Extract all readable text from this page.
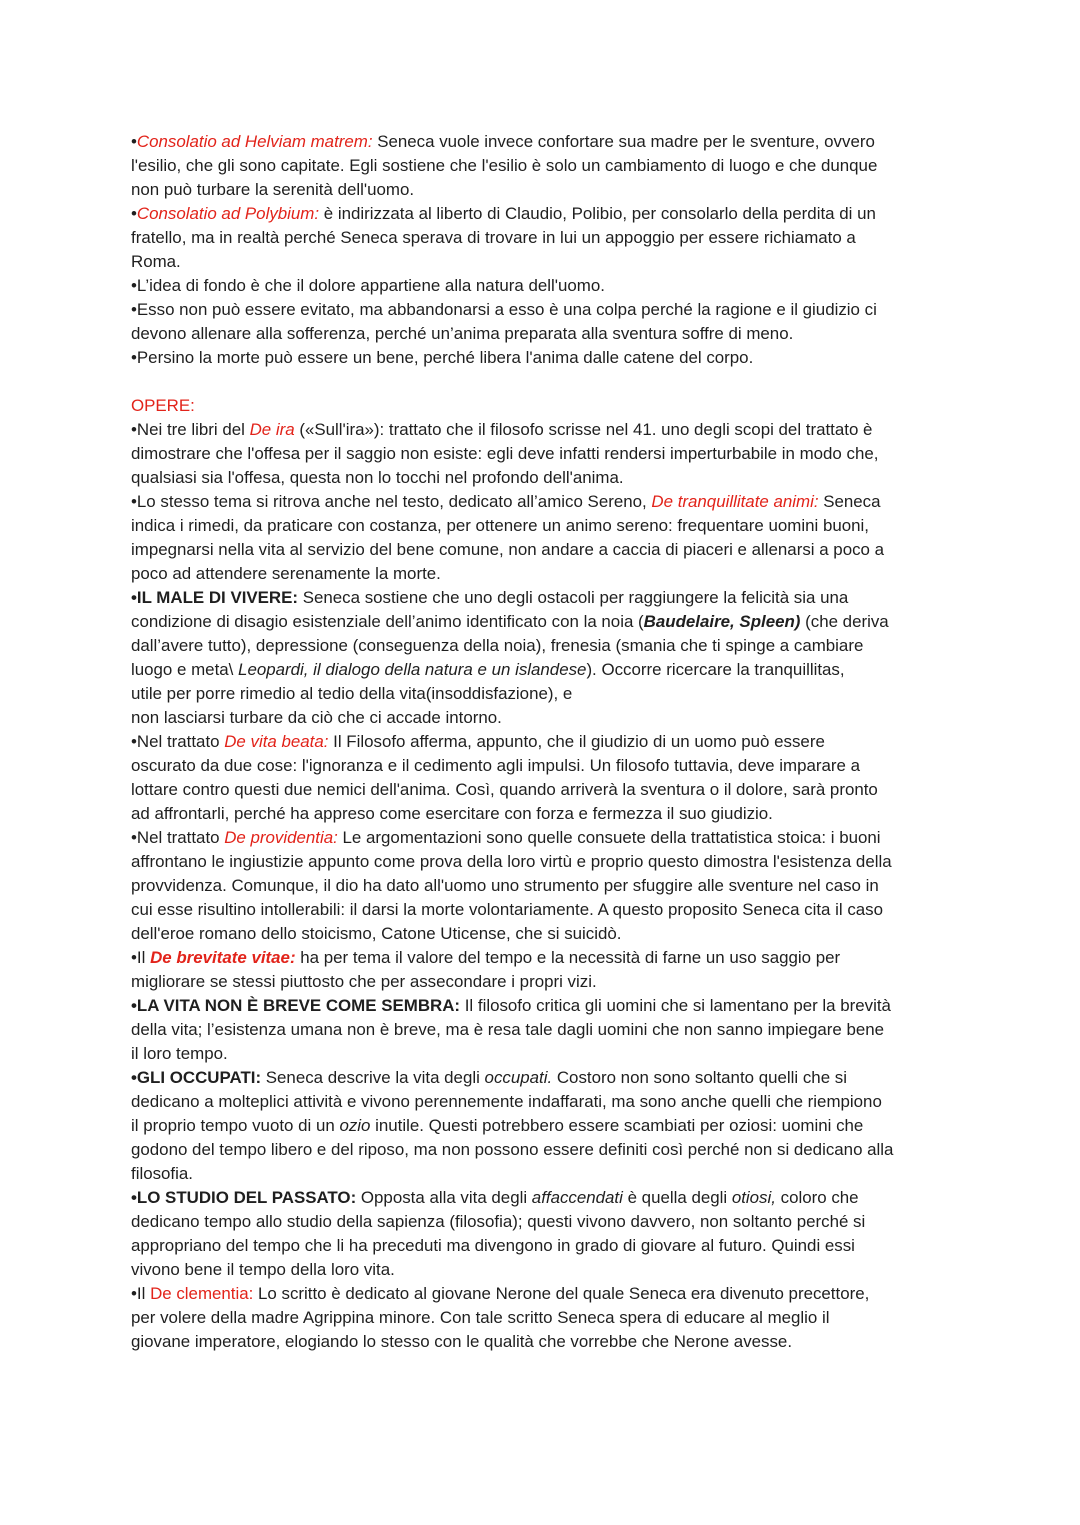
•Consolatio ad Helviam matrem: Seneca vuole invece confortare sua madre per le sventure, ovvero
l'esilio, che gli sono capitate. Egli sostiene che l'esilio è solo un cambiamento di luogo e che dunque
non può turbare la serenità dell'uomo.
•Consolatio ad Polybium: è indirizzata al liberto di Claudio, Polibio, per consolarlo della perdita di un
fratello, ma in realtà perché Seneca sperava di trovare in lui un appoggio per essere richiamato a
Roma.
•L’idea di fondo è che il dolore appartiene alla natura dell'uomo.
•Esso non può essere evitato, ma abbandonarsi a esso è una colpa perché la ragione e il giudizio ci
devono allenare alla sofferenza, perché un’anima preparata alla sventura soffre di meno.
•Persino la morte può essere un bene, perché libera l'anima dalle catene del corpo.
OPERE:
•Nei tre libri del De ira («Sull'ira»): trattato che il filosofo scrisse nel 41. uno degli scopi del trattato è
dimostrare che l'offesa per il saggio non esiste: egli deve infatti rendersi imperturbabile in modo che,
qualsiasi sia l'offesa, questa non lo tocchi nel profondo dell'anima.
•Lo stesso tema si ritrova anche nel testo, dedicato all’amico Sereno, De tranquillitate animi: Seneca
indica i rimedi, da praticare con costanza, per ottenere un animo sereno: frequentare uomini buoni,
impegnarsi nella vita al servizio del bene comune, non andare a caccia di piaceri e allenarsi a poco a
poco ad attendere serenamente la morte.
•IL MALE DI VIVERE: Seneca sostiene che uno degli ostacoli per raggiungere la felicità sia una
condizione di disagio esistenziale dell’animo identificato con la noia (Baudelaire, Spleen) (che deriva
dall’avere tutto), depressione (conseguenza della noia), frenesia (smania che ti spinge a cambiare
luogo e meta\ Leopardi, il dialogo della natura e un islandese). Occorre ricercare la tranquillitas,
utile per porre rimedio al tedio della vita(insoddisfazione), e
non lasciarsi turbare da ciò che ci accade intorno.
•Nel trattato De vita beata: Il Filosofo afferma, appunto, che il giudizio di un uomo può essere
oscurato da due cose: l'ignoranza e il cedimento agli impulsi. Un filosofo tuttavia, deve imparare a
lottare contro questi due nemici dell'anima. Così, quando arriverà la sventura o il dolore, sarà pronto
ad affrontarli, perché ha appreso come esercitare con forza e fermezza il suo giudizio.
•Nel trattato De providentia: Le argomentazioni sono quelle consuete della trattatistica stoica: i buoni
affrontano le ingiustizie appunto come prova della loro virtù e proprio questo dimostra l'esistenza della
provvidenza. Comunque, il dio ha dato all'uomo uno strumento per sfuggire alle sventure nel caso in
cui esse risultino intollerabili: il darsi la morte volontariamente. A questo proposito Seneca cita il caso
dell'eroe romano dello stoicismo, Catone Uticense, che si suicidò.
•Il De brevitate vitae: ha per tema il valore del tempo e la necessità di farne un uso saggio per
migliorare se stessi piuttosto che per assecondare i propri vizi.
•LA VITA NON È BREVE COME SEMBRA: Il filosofo critica gli uomini che si lamentano per la brevità
della vita; l’esistenza umana non è breve, ma è resa tale dagli uomini che non sanno impiegare bene
il loro tempo.
•GLI OCCUPATI: Seneca descrive la vita degli occupati. Costoro non sono soltanto quelli che si
dedicano a molteplici attività e vivono perennemente indaffarati, ma sono anche quelli che riempiono
il proprio tempo vuoto di un ozio inutile. Questi potrebbero essere scambiati per oziosi: uomini che
godono del tempo libero e del riposo, ma non possono essere definiti così perché non si dedicano alla
filosofia.
•LO STUDIO DEL PASSATO: Opposta alla vita degli affaccendati è quella degli otiosi, coloro che
dedicano tempo allo studio della sapienza (filosofia); questi vivono davvero, non soltanto perché si
appropriano del tempo che li ha preceduti ma divengono in grado di giovare al futuro. Quindi essi
vivono bene il tempo della loro vita.
•Il De clementia: Lo scritto è dedicato al giovane Nerone del quale Seneca era divenuto precettore,
per volere della madre Agrippina minore. Con tale scritto Seneca spera di educare al meglio il
giovane imperatore, elogiando lo stesso con le qualità che vorrebbe che Nerone avesse.
